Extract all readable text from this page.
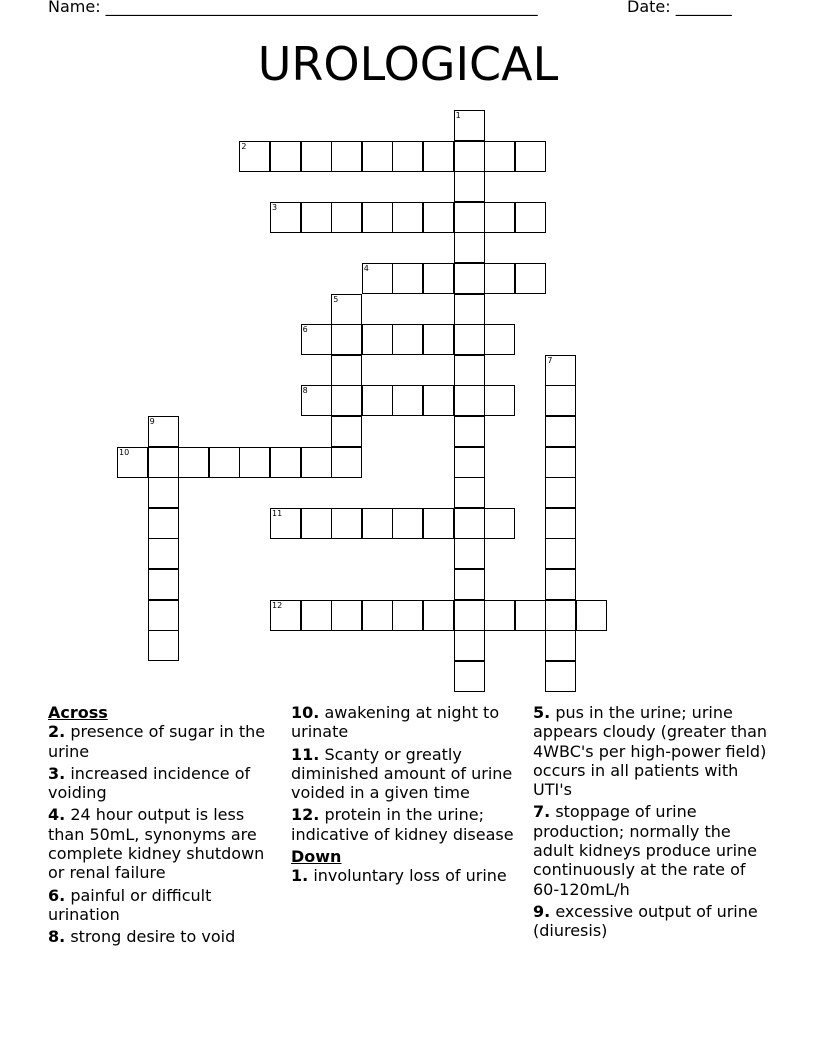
Name: ______________________________________________________	Date: _______
UROLOGICAL
1
2
3
4
5
6
7
8
9
10
11
12
Across
2. presence of sugar in the urine
3. increased incidence of voiding
4. 24 hour output is less than 50mL, synonyms are complete kidney shutdown or renal failure
6. painful or difficult urination
8. strong desire to void
10. awakening at night to urinate
11. Scanty or greatly diminished amount of urine voided in a given time
12. protein in the urine; indicative of kidney disease
Down
1. involuntary loss of urine
5. pus in the urine; urine appears cloudy (greater than 4WBC's per high-power field) occurs in all patients with UTI's
7. stoppage of urine production; normally the adult kidneys produce urine continuously at the rate of 60-120mL/h
9. excessive output of urine (diuresis)
